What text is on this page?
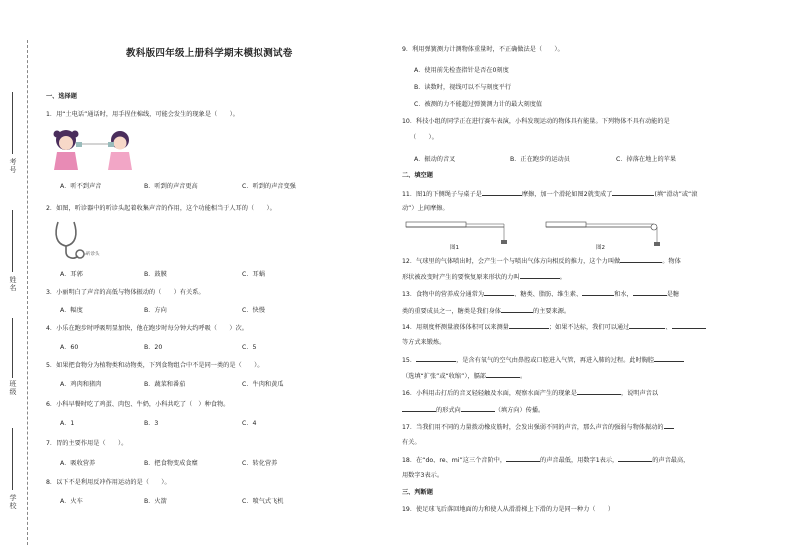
考号
姓名
班级
学校
教科版四年级上册科学期末模拟测试卷
一、选择题
1．用“土电话”通话时，用手捏住棉线，可能会发生的现象是（　　）。
A．听不到声音	B．听到的声音更高	C．听到的声音变强
2．如图，听诊器中的听诊头起着收集声音的作用，这个功能相当于人耳的（　　）。
听诊头
A．耳郭	B．鼓膜	C．耳蜗
3．小丽明白了声音的高低与物体振动的（　　）有关系。
A．幅度	B．方向	C．快慢
4．小乐在跑步时呼吸明显加快，他在跑步时每分钟大约呼吸（　　）次。
A．60	B．20	C．5
5．如果把食物分为植物类和动物类，下列食物组合中不是同一类的是（　　）。
A．鸡肉和猪肉	B．蔬菜和番茄	C．牛肉和黄瓜
6．小科早餐时吃了鸡蛋、肉包、牛奶，小科共吃了（　）种食物。
A．1	B．3	C．4
7．胃的主要作用是（　　）。
A．吸收营养	B．把食物变成食糜	C．转化营养
8．以下不是利用反冲作用运动的是（　　）。
A．火车	B．火箭	C．喷气式飞机
9．利用弹簧测力计测物体重量时，不正确做法是（　　）。
A．使用前先检查指针是否在0刻度
B．读数时，视线可以不与刻度平行
C．被测的力不能超过弹簧测力计的最大刻度值
10．科技小组的同学正在进行赛车表演，小科发现运动的物体具有能量。下列物体不具有动能的是
（　　）。
A．振动的音叉	B．正在跑步的运动员	C．掉落在地上的苹果
二、填空题
11．图1的下侧绳子与桌子是	摩擦，加一个滑轮如图2就变成了	(填“滑动”或“滚
动”）上间摩擦。
图1	图2
12．气球里的气体喷出时，会产生一个与喷出气体方向相反的推力，这个力叫做	。物体
形状被改变时产生的要恢复原来形状的力叫	。
13．食物中的营养成分通常为	、糖类、脂肪、维生素、	和水，	是糖
类的重要成员之一，糖类是我们身体	的主要来源。
14．用刻度杯测量液体体积可以来测量	；如果不达标，我们可以通过	、
等方式来锻炼。
15．	，是含有氧气的空气由鼻腔或口腔进入气管，再进入肺的过程。此时胸腔
（选填“扩张”或“收缩”），膈部	。
16．小科用击打后的音叉轻轻触及水面，观察水面产生的现象是	，说明声音以
的形式向	（填方向）传播。
17．当我们用不同的力量拨动橡皮筋时，会发出强弱不同的声音，那么声音的强弱与物体振动的
有关。
18．在“do、re、mi”这三个音阶中，	的声音最低，用数字1表示，	的声音最高，
用数字3表示。
三、判断题
19．使足球飞后落回地面的力和使人从滑滑梯上下滑的力是同一种力（　　）
